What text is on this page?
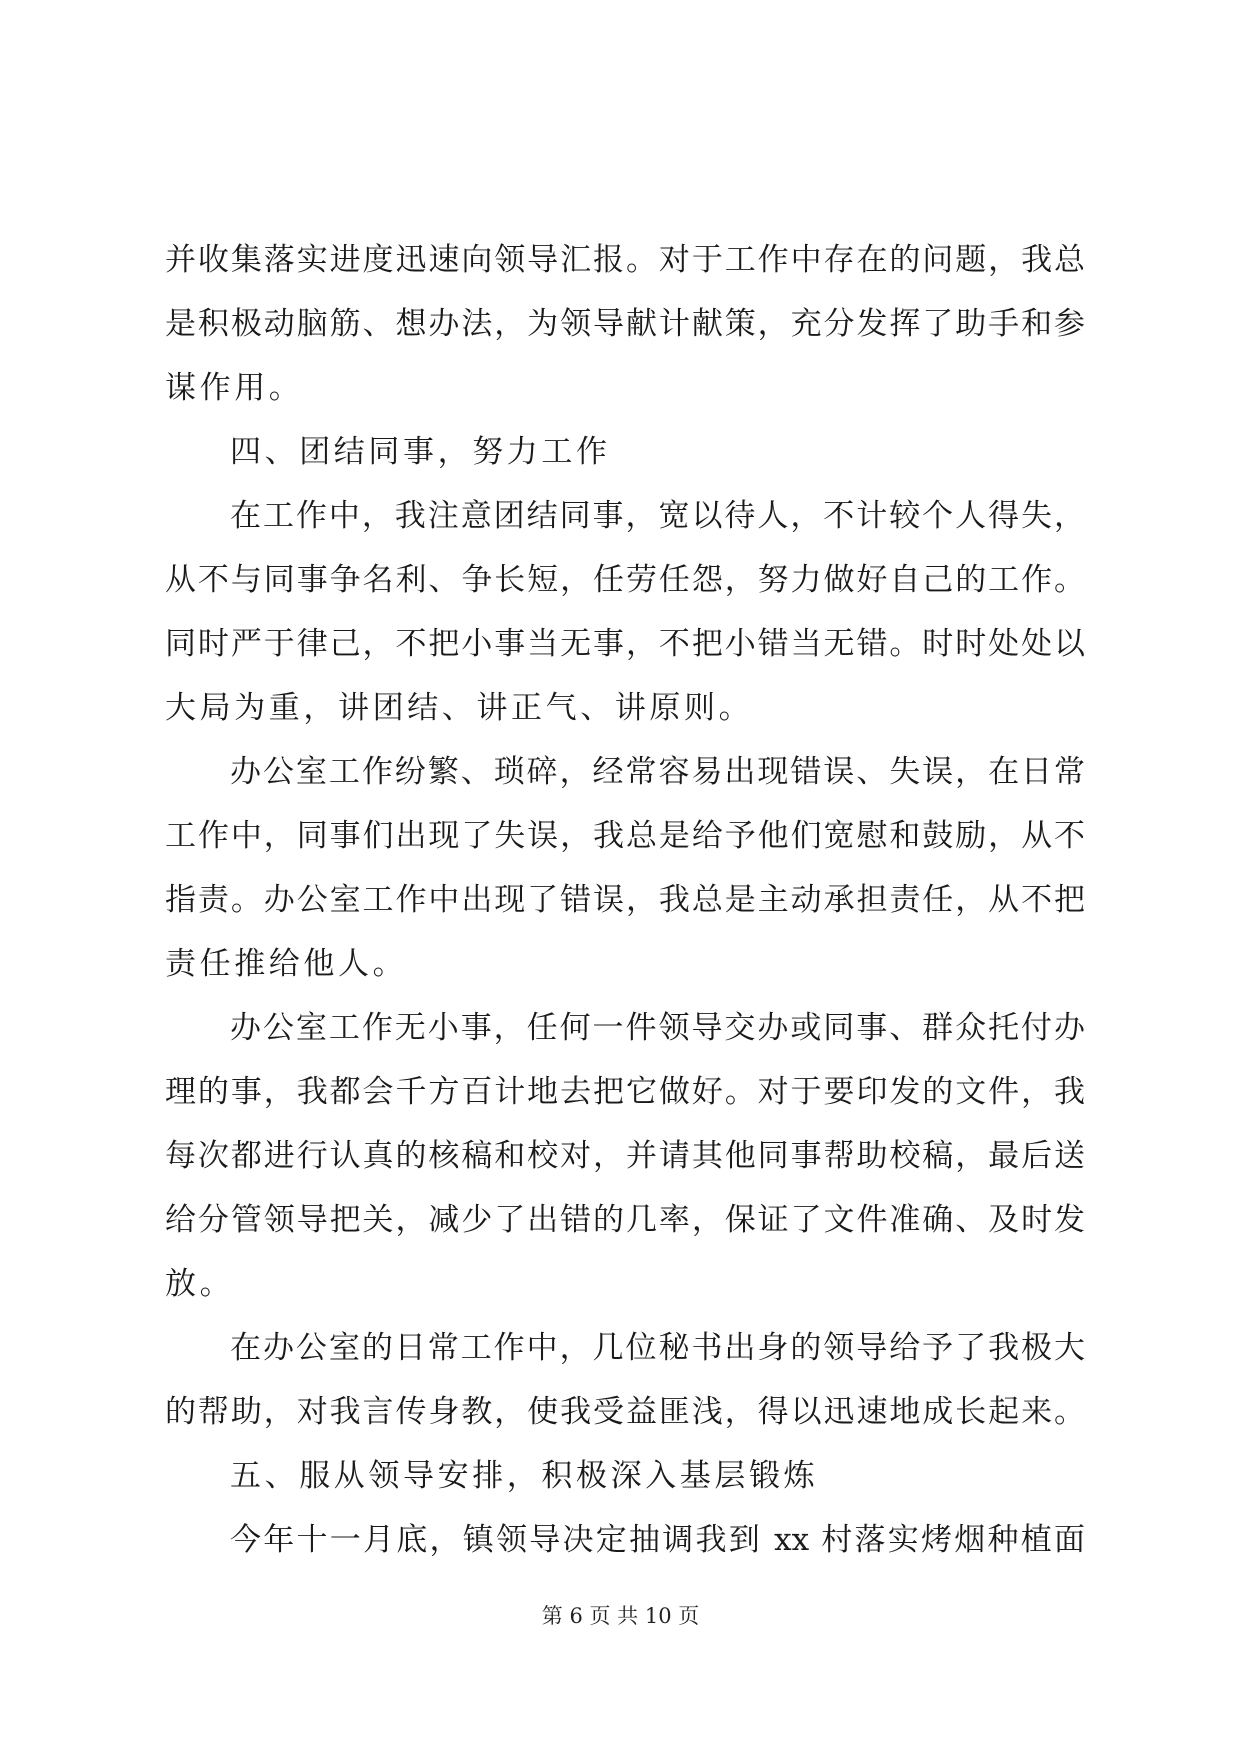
并收集落实进度迅速向领导汇报。对于工作中存在的问题，我总
是积极动脑筋、想办法，为领导献计献策，充分发挥了助手和参
谋作用。
四、团结同事，努力工作
在工作中，我注意团结同事，宽以待人，不计较个人得失，
从不与同事争名利、争长短，任劳任怨，努力做好自己的工作。
同时严于律己，不把小事当无事，不把小错当无错。时时处处以
大局为重，讲团结、讲正气、讲原则。
办公室工作纷繁、琐碎，经常容易出现错误、失误，在日常
工作中，同事们出现了失误，我总是给予他们宽慰和鼓励，从不
指责。办公室工作中出现了错误，我总是主动承担责任，从不把
责任推给他人。
办公室工作无小事，任何一件领导交办或同事、群众托付办
理的事，我都会千方百计地去把它做好。对于要印发的文件，我
每次都进行认真的核稿和校对，并请其他同事帮助校稿，最后送
给分管领导把关，减少了出错的几率，保证了文件准确、及时发
放。
在办公室的日常工作中，几位秘书出身的领导给予了我极大
的帮助，对我言传身教，使我受益匪浅，得以迅速地成长起来。
五、服从领导安排，积极深入基层锻炼
今年十一月底，镇领导决定抽调我到 xx 村落实烤烟种植面
第 6 页 共 10 页
